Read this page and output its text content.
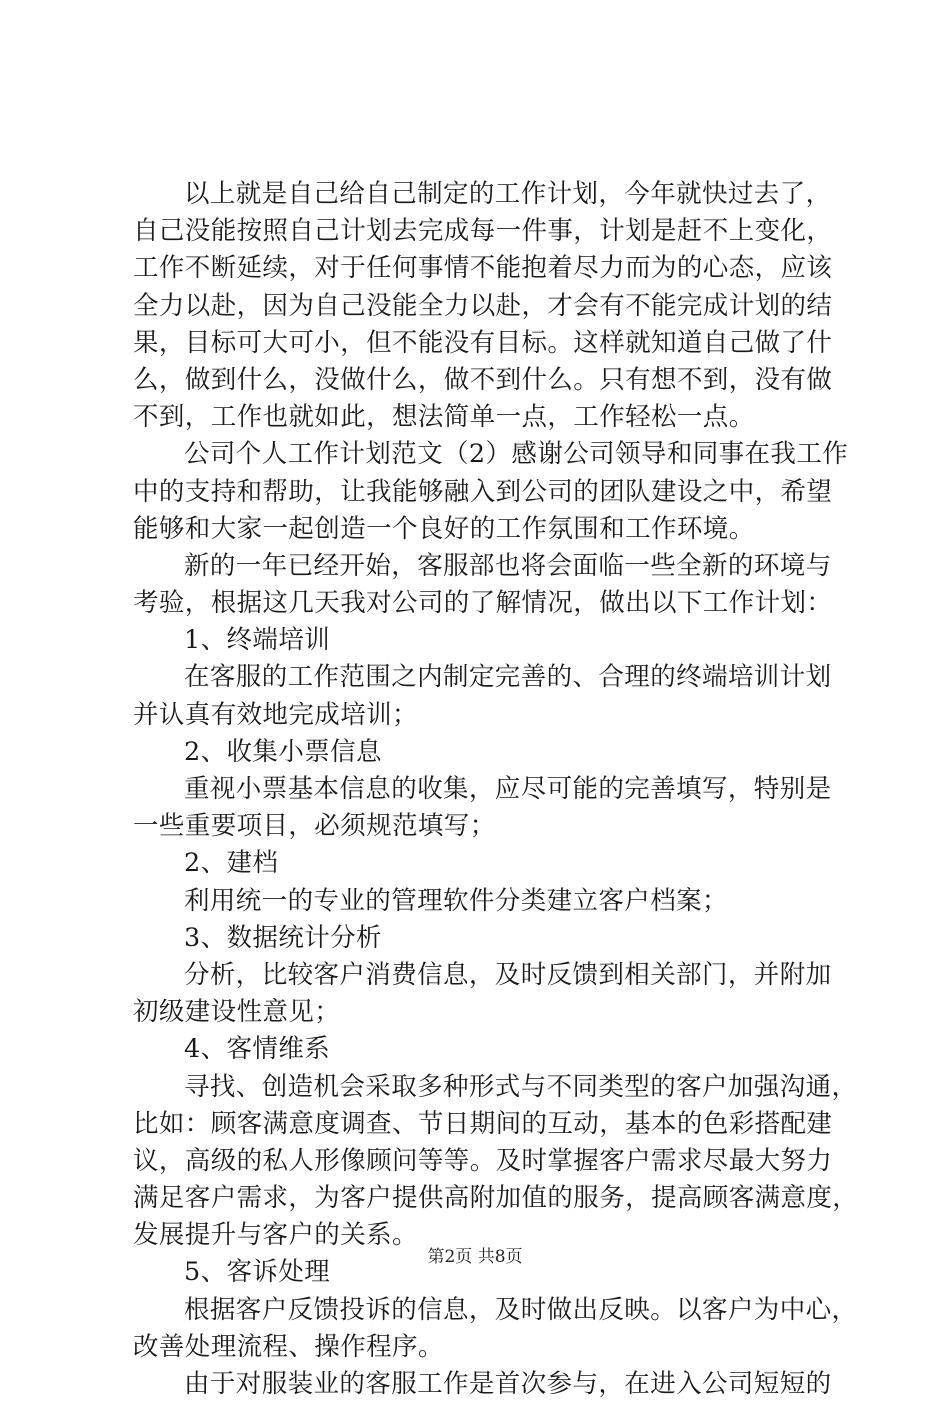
以上就是自己给自己制定的工作计划，今年就快过去了，
自己没能按照自己计划去完成每一件事，计划是赶不上变化，
工作不断延续，对于任何事情不能抱着尽力而为的心态，应该
全力以赴，因为自己没能全力以赴，才会有不能完成计划的结
果，目标可大可小，但不能没有目标。这样就知道自己做了什
么，做到什么，没做什么，做不到什么。只有想不到，没有做
不到，工作也就如此，想法简单一点，工作轻松一点。
公司个人工作计划范文（2）感谢公司领导和同事在我工作
中的支持和帮助，让我能够融入到公司的团队建设之中，希望
能够和大家一起创造一个良好的工作氛围和工作环境。
新的一年已经开始，客服部也将会面临一些全新的环境与
考验，根据这几天我对公司的了解情况，做出以下工作计划：
1、终端培训
在客服的工作范围之内制定完善的、合理的终端培训计划
并认真有效地完成培训；
2、收集小票信息
重视小票基本信息的收集，应尽可能的完善填写，特别是
一些重要项目，必须规范填写；
2、建档
利用统一的专业的管理软件分类建立客户档案；
3、数据统计分析
分析，比较客户消费信息，及时反馈到相关部门，并附加
初级建设性意见；
4、客情维系
寻找、创造机会采取多种形式与不同类型的客户加强沟通，
比如：顾客满意度调查、节日期间的互动，基本的色彩搭配建
议，高级的私人形像顾问等等。及时掌握客户需求尽最大努力
满足客户需求，为客户提供高附加值的服务，提高顾客满意度，
发展提升与客户的关系。
5、客诉处理
根据客户反馈投诉的信息，及时做出反映。以客户为中心，
改善处理流程、操作程序。
由于对服装业的客服工作是首次参与，在进入公司短短的
第2页 共8页
